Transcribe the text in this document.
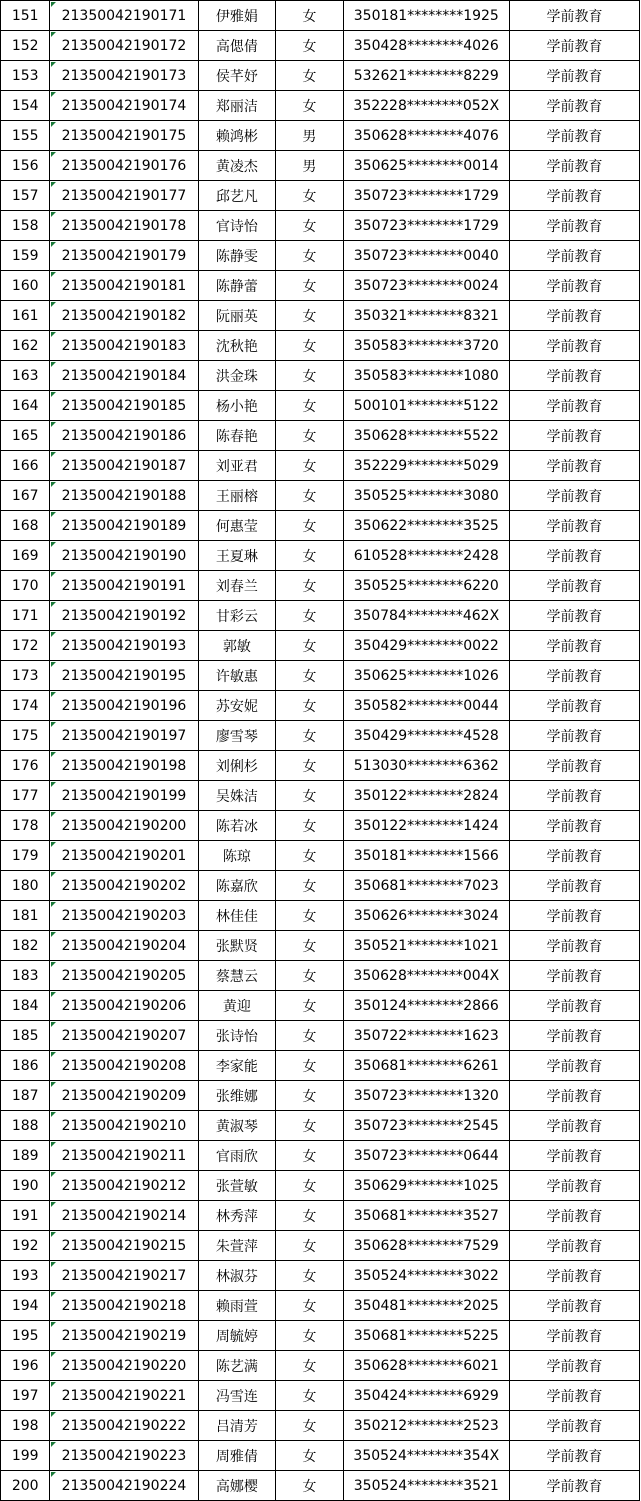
151	21350042190171	伊雅娟	女	350181********1925	学前教育
152	21350042190172	高偲倩	女	350428********4026	学前教育
153	21350042190173	侯芊妤	女	532621********8229	学前教育
154	21350042190174	郑丽洁	女	352228********052X	学前教育
155	21350042190175	赖鸿彬	男	350628********4076	学前教育
156	21350042190176	黄凌杰	男	350625********0014	学前教育
157	21350042190177	邱艺凡	女	350723********1729	学前教育
158	21350042190178	官诗怡	女	350723********1729	学前教育
159	21350042190179	陈静雯	女	350723********0040	学前教育
160	21350042190181	陈静蕾	女	350723********0024	学前教育
161	21350042190182	阮丽英	女	350321********8321	学前教育
162	21350042190183	沈秋艳	女	350583********3720	学前教育
163	21350042190184	洪金珠	女	350583********1080	学前教育
164	21350042190185	杨小艳	女	500101********5122	学前教育
165	21350042190186	陈春艳	女	350628********5522	学前教育
166	21350042190187	刘亚君	女	352229********5029	学前教育
167	21350042190188	王丽榕	女	350525********3080	学前教育
168	21350042190189	何惠莹	女	350622********3525	学前教育
169	21350042190190	王夏琳	女	610528********2428	学前教育
170	21350042190191	刘春兰	女	350525********6220	学前教育
171	21350042190192	甘彩云	女	350784********462X	学前教育
172	21350042190193	郭敏	女	350429********0022	学前教育
173	21350042190195	许敏惠	女	350625********1026	学前教育
174	21350042190196	苏安妮	女	350582********0044	学前教育
175	21350042190197	廖雪琴	女	350429********4528	学前教育
176	21350042190198	刘俐杉	女	513030********6362	学前教育
177	21350042190199	吴姝洁	女	350122********2824	学前教育
178	21350042190200	陈若冰	女	350122********1424	学前教育
179	21350042190201	陈琼	女	350181********1566	学前教育
180	21350042190202	陈嘉欣	女	350681********7023	学前教育
181	21350042190203	林佳佳	女	350626********3024	学前教育
182	21350042190204	张默贤	女	350521********1021	学前教育
183	21350042190205	蔡慧云	女	350628********004X	学前教育
184	21350042190206	黄迎	女	350124********2866	学前教育
185	21350042190207	张诗怡	女	350722********1623	学前教育
186	21350042190208	李家能	女	350681********6261	学前教育
187	21350042190209	张维娜	女	350723********1320	学前教育
188	21350042190210	黄淑琴	女	350723********2545	学前教育
189	21350042190211	官雨欣	女	350723********0644	学前教育
190	21350042190212	张萱敏	女	350629********1025	学前教育
191	21350042190214	林秀萍	女	350681********3527	学前教育
192	21350042190215	朱萱萍	女	350628********7529	学前教育
193	21350042190217	林淑芬	女	350524********3022	学前教育
194	21350042190218	赖雨萱	女	350481********2025	学前教育
195	21350042190219	周毓婷	女	350681********5225	学前教育
196	21350042190220	陈艺满	女	350628********6021	学前教育
197	21350042190221	冯雪连	女	350424********6929	学前教育
198	21350042190222	吕清芳	女	350212********2523	学前教育
199	21350042190223	周雅倩	女	350524********354X	学前教育
200	21350042190224	高娜樱	女	350524********3521	学前教育
